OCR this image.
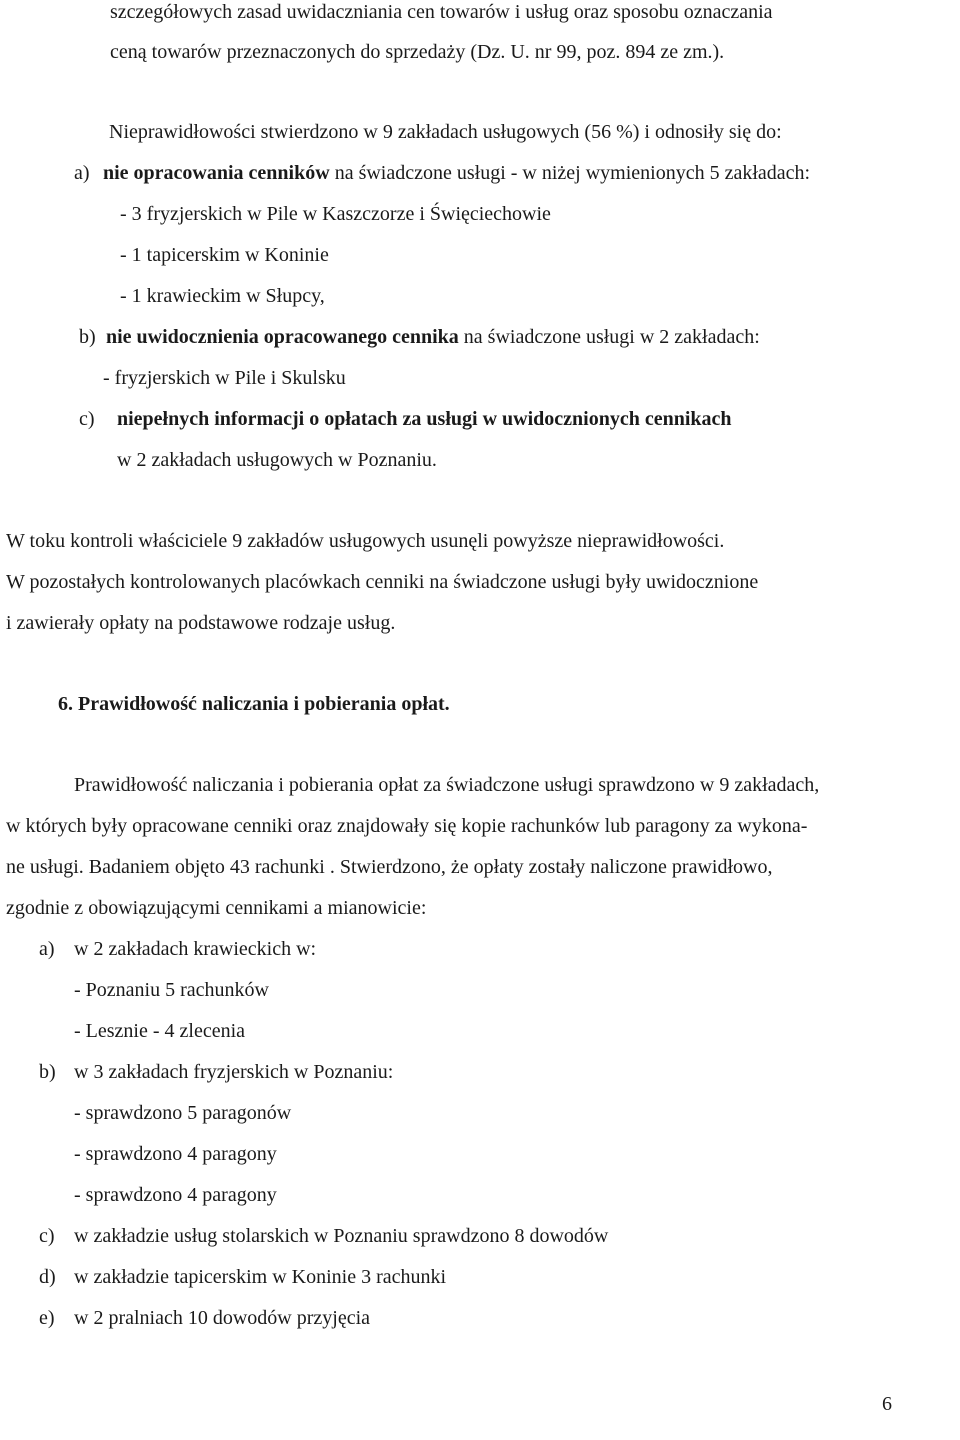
szczegółowych zasad uwidaczniania cen towarów i usług oraz sposobu oznaczania
ceną towarów przeznaczonych do sprzedaży (Dz. U. nr 99, poz. 894 ze zm.).
Nieprawidłowości stwierdzono w 9 zakładach usługowych (56 %) i odnosiły się do:
a) nie opracowania cenników na świadczone usługi - w niżej wymienionych 5 zakładach:
- 3 fryzjerskich w Pile w Kaszczorze i Święciechowie
- 1 tapicerskim w Koninie
- 1 krawieckim w Słupcy,
b) nie uwidocznienia opracowanego cennika na świadczone usługi w 2 zakładach:
- fryzjerskich w Pile i Skulsku
c) niepełnych informacji o opłatach za usługi w uwidocznionych cennikach
w 2 zakładach usługowych w Poznaniu.
W toku kontroli właściciele 9 zakładów usługowych usunęli powyższe nieprawidłowości.
W pozostałych kontrolowanych placówkach cenniki na świadczone usługi były uwidocznione
i zawierały opłaty na podstawowe rodzaje usług.
6. Prawidłowość naliczania i pobierania opłat.
Prawidłowość naliczania i pobierania opłat za świadczone usługi sprawdzono w 9 zakładach,
w których były opracowane cenniki oraz znajdowały się kopie rachunków lub paragony za wykona-
ne usługi. Badaniem objęto 43 rachunki . Stwierdzono, że opłaty zostały naliczone prawidłowo,
zgodnie z obowiązującymi cennikami a mianowicie:
a) w 2 zakładach krawieckich w:
- Poznaniu 5 rachunków
- Lesznie - 4 zlecenia
b) w 3 zakładach fryzjerskich w Poznaniu:
- sprawdzono 5 paragonów
- sprawdzono 4 paragony
- sprawdzono 4 paragony
c) w zakładzie usług stolarskich w Poznaniu sprawdzono 8 dowodów
d) w zakładzie tapicerskim w Koninie 3 rachunki
e) w 2 pralniach 10 dowodów przyjęcia
6
